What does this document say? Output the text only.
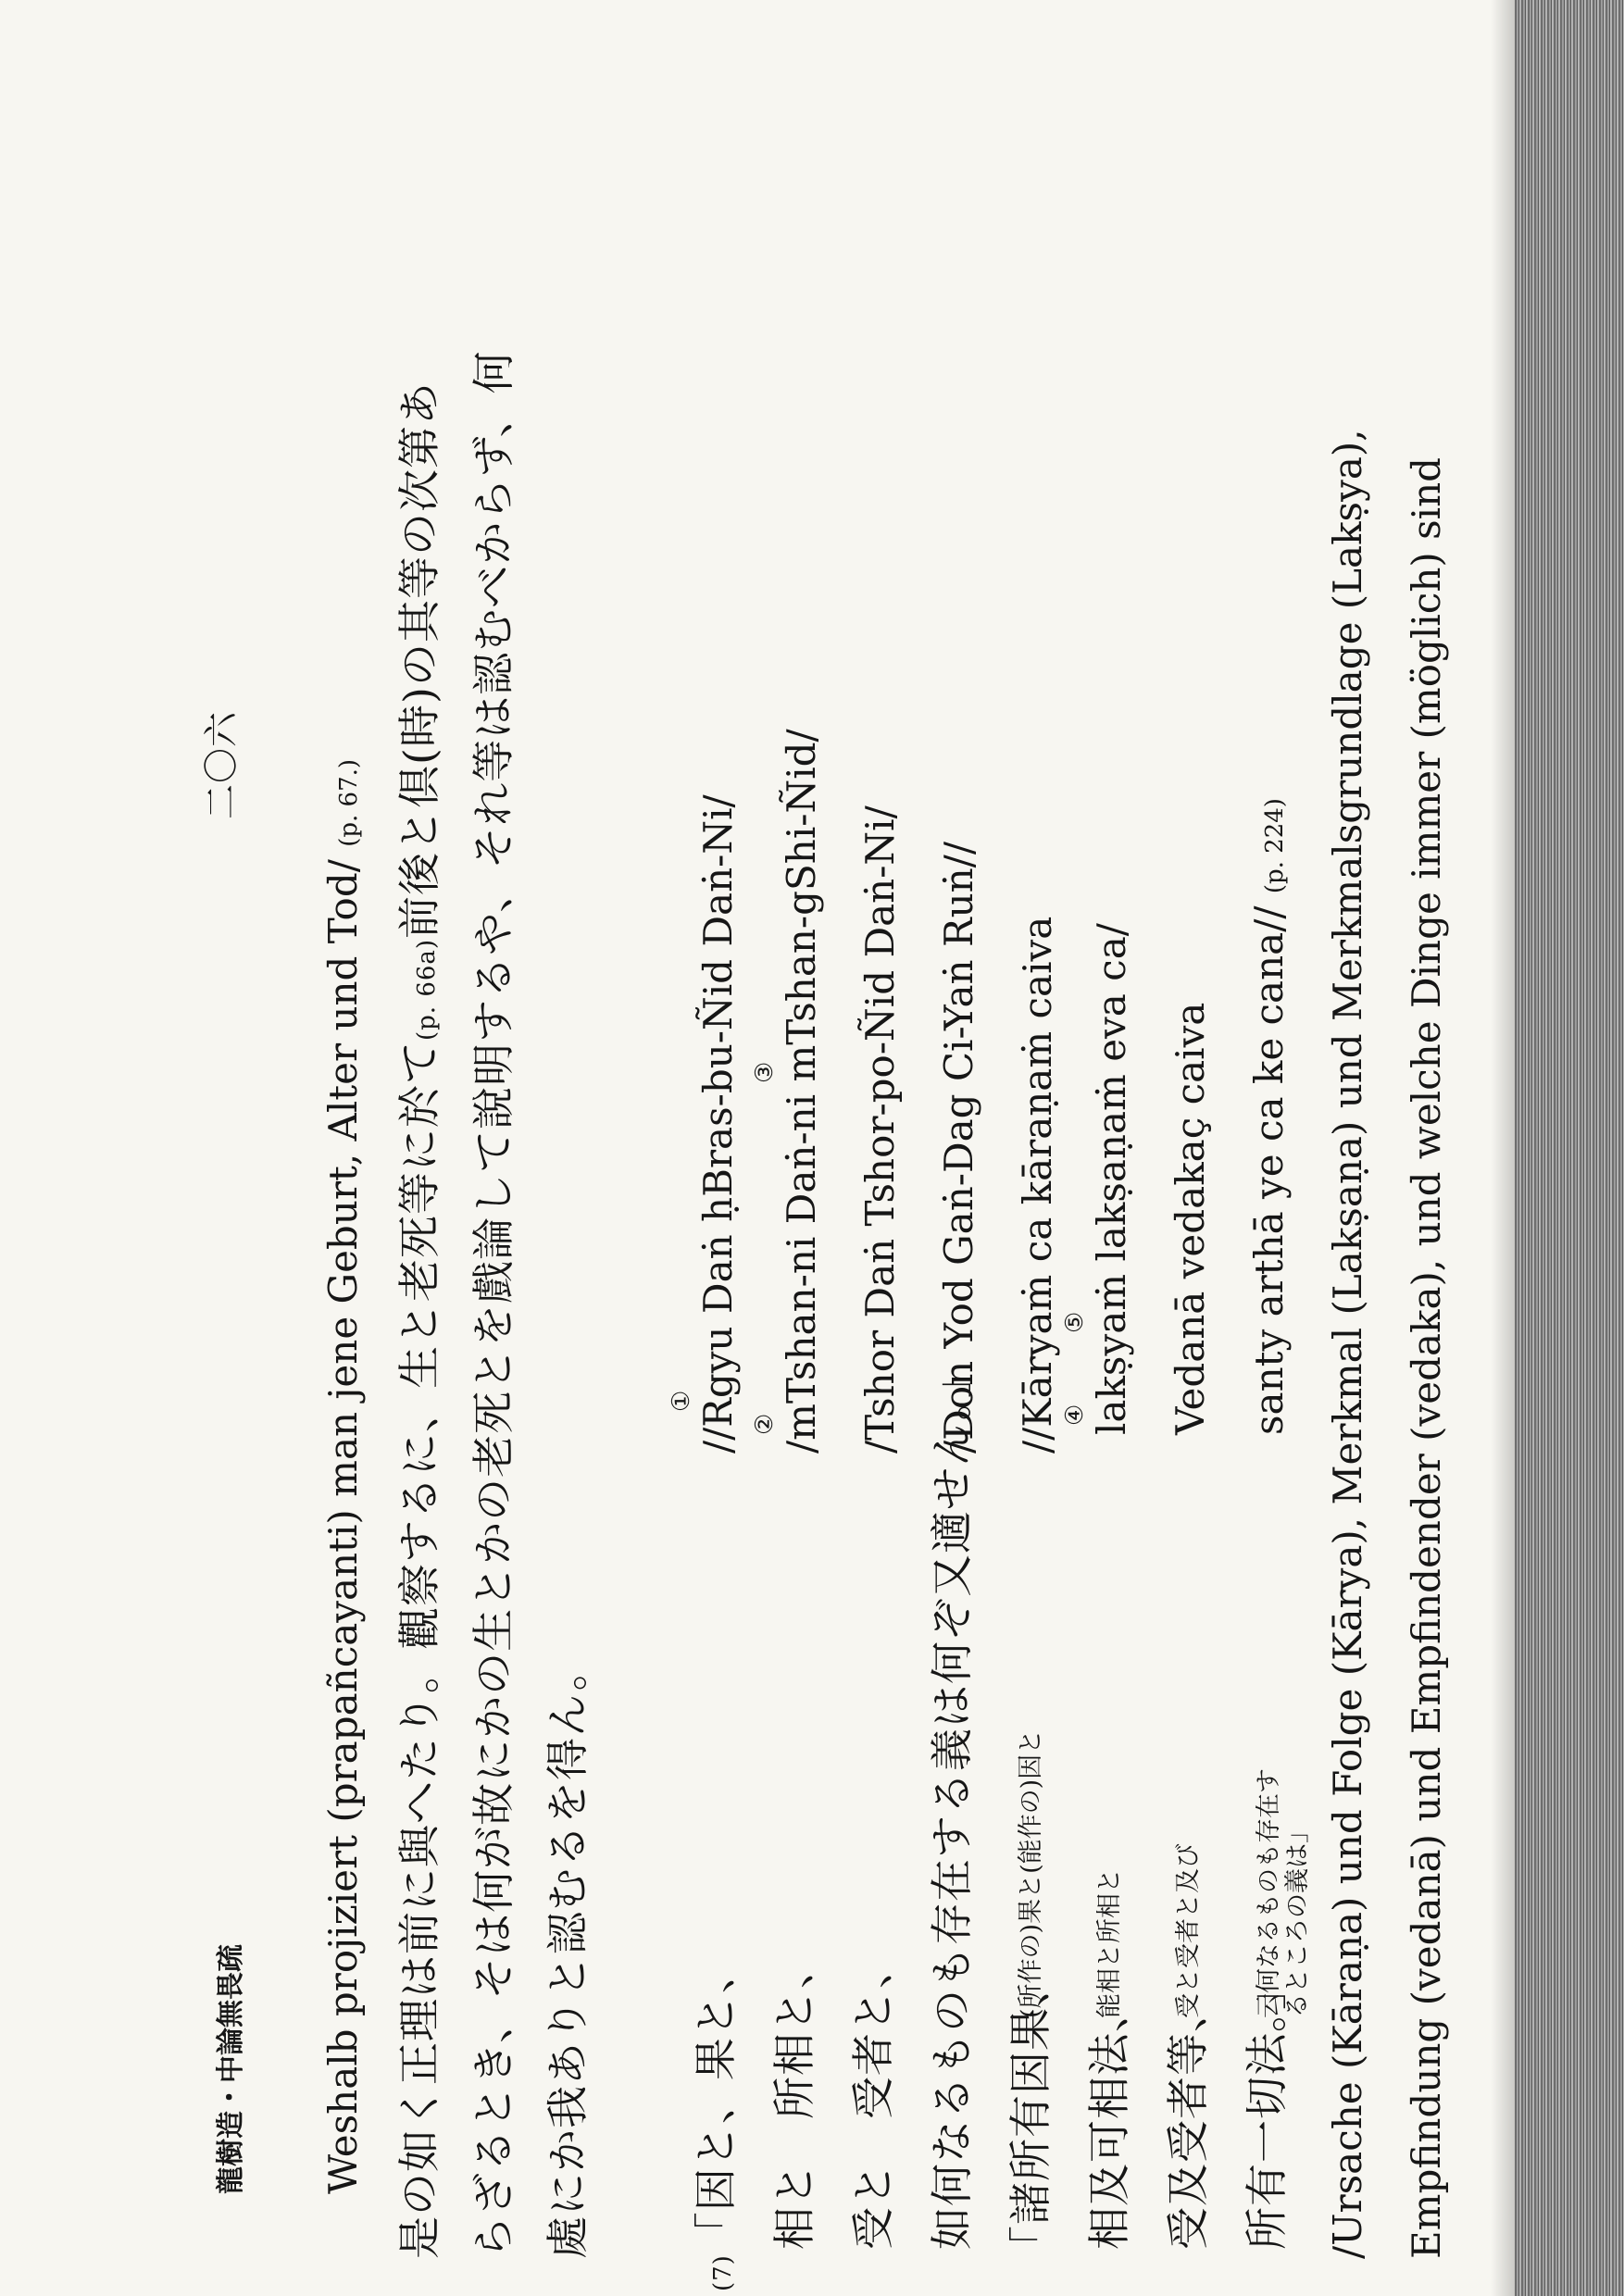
龍樹造・中論無畏疏
二〇六
Weshalb projiziert (prapañcayanti) man jene Geburt, Alter und Tod/ (p. 67.)
是の如く正理は前に與へたり。觀察するに、生と老死等に於て(p. 66a)前後と倶(時)の其等の次第あ らざるとき、そは何が故にかの生とかの老死とを戲論して說明するや、それ等は認むべからず、何 處にか我ありと認むるを得ん。
(7)「因と、果と、 相と　所相と、 受と　受者と、 如何なるものも存在する義は何ぞ又適せん。」 「諸所有因果、
(所作の)果と(能作の)因と
相及可相法、
能相と所相と
受及受者等、
受と受者と及び
所有一切法。」
云何なるものも存在するところの義は」
① //Rgyu Daṅ ḥBras-bu-Ñid Daṅ-Ni/ ②
③ /mTshan-ni Daṅ-ni mTshan-gShi-Ñid/ /Tshor Daṅ Tshor-po-Ñid Daṅ-Ni/ /Don Yod Gaṅ-Dag Ci-Yaṅ Ruṅ// //Kāryaṁ ca kāraṇaṁ caiva ④
⑤ lakṣyaṁ lakṣaṇaṁ eva ca/ Vedanā vedakaç caiva santy arthā ye ca ke cana// (p. 224) /Ursache (Kāraṇa) und Folge (Kārya), Merkmal (Lakṣaṇa) und Merkmalsgrundlage (Lakṣya), Empfindung (vedanā) und Empfindender (vedaka), und welche Dinge immer (möglich) sind
